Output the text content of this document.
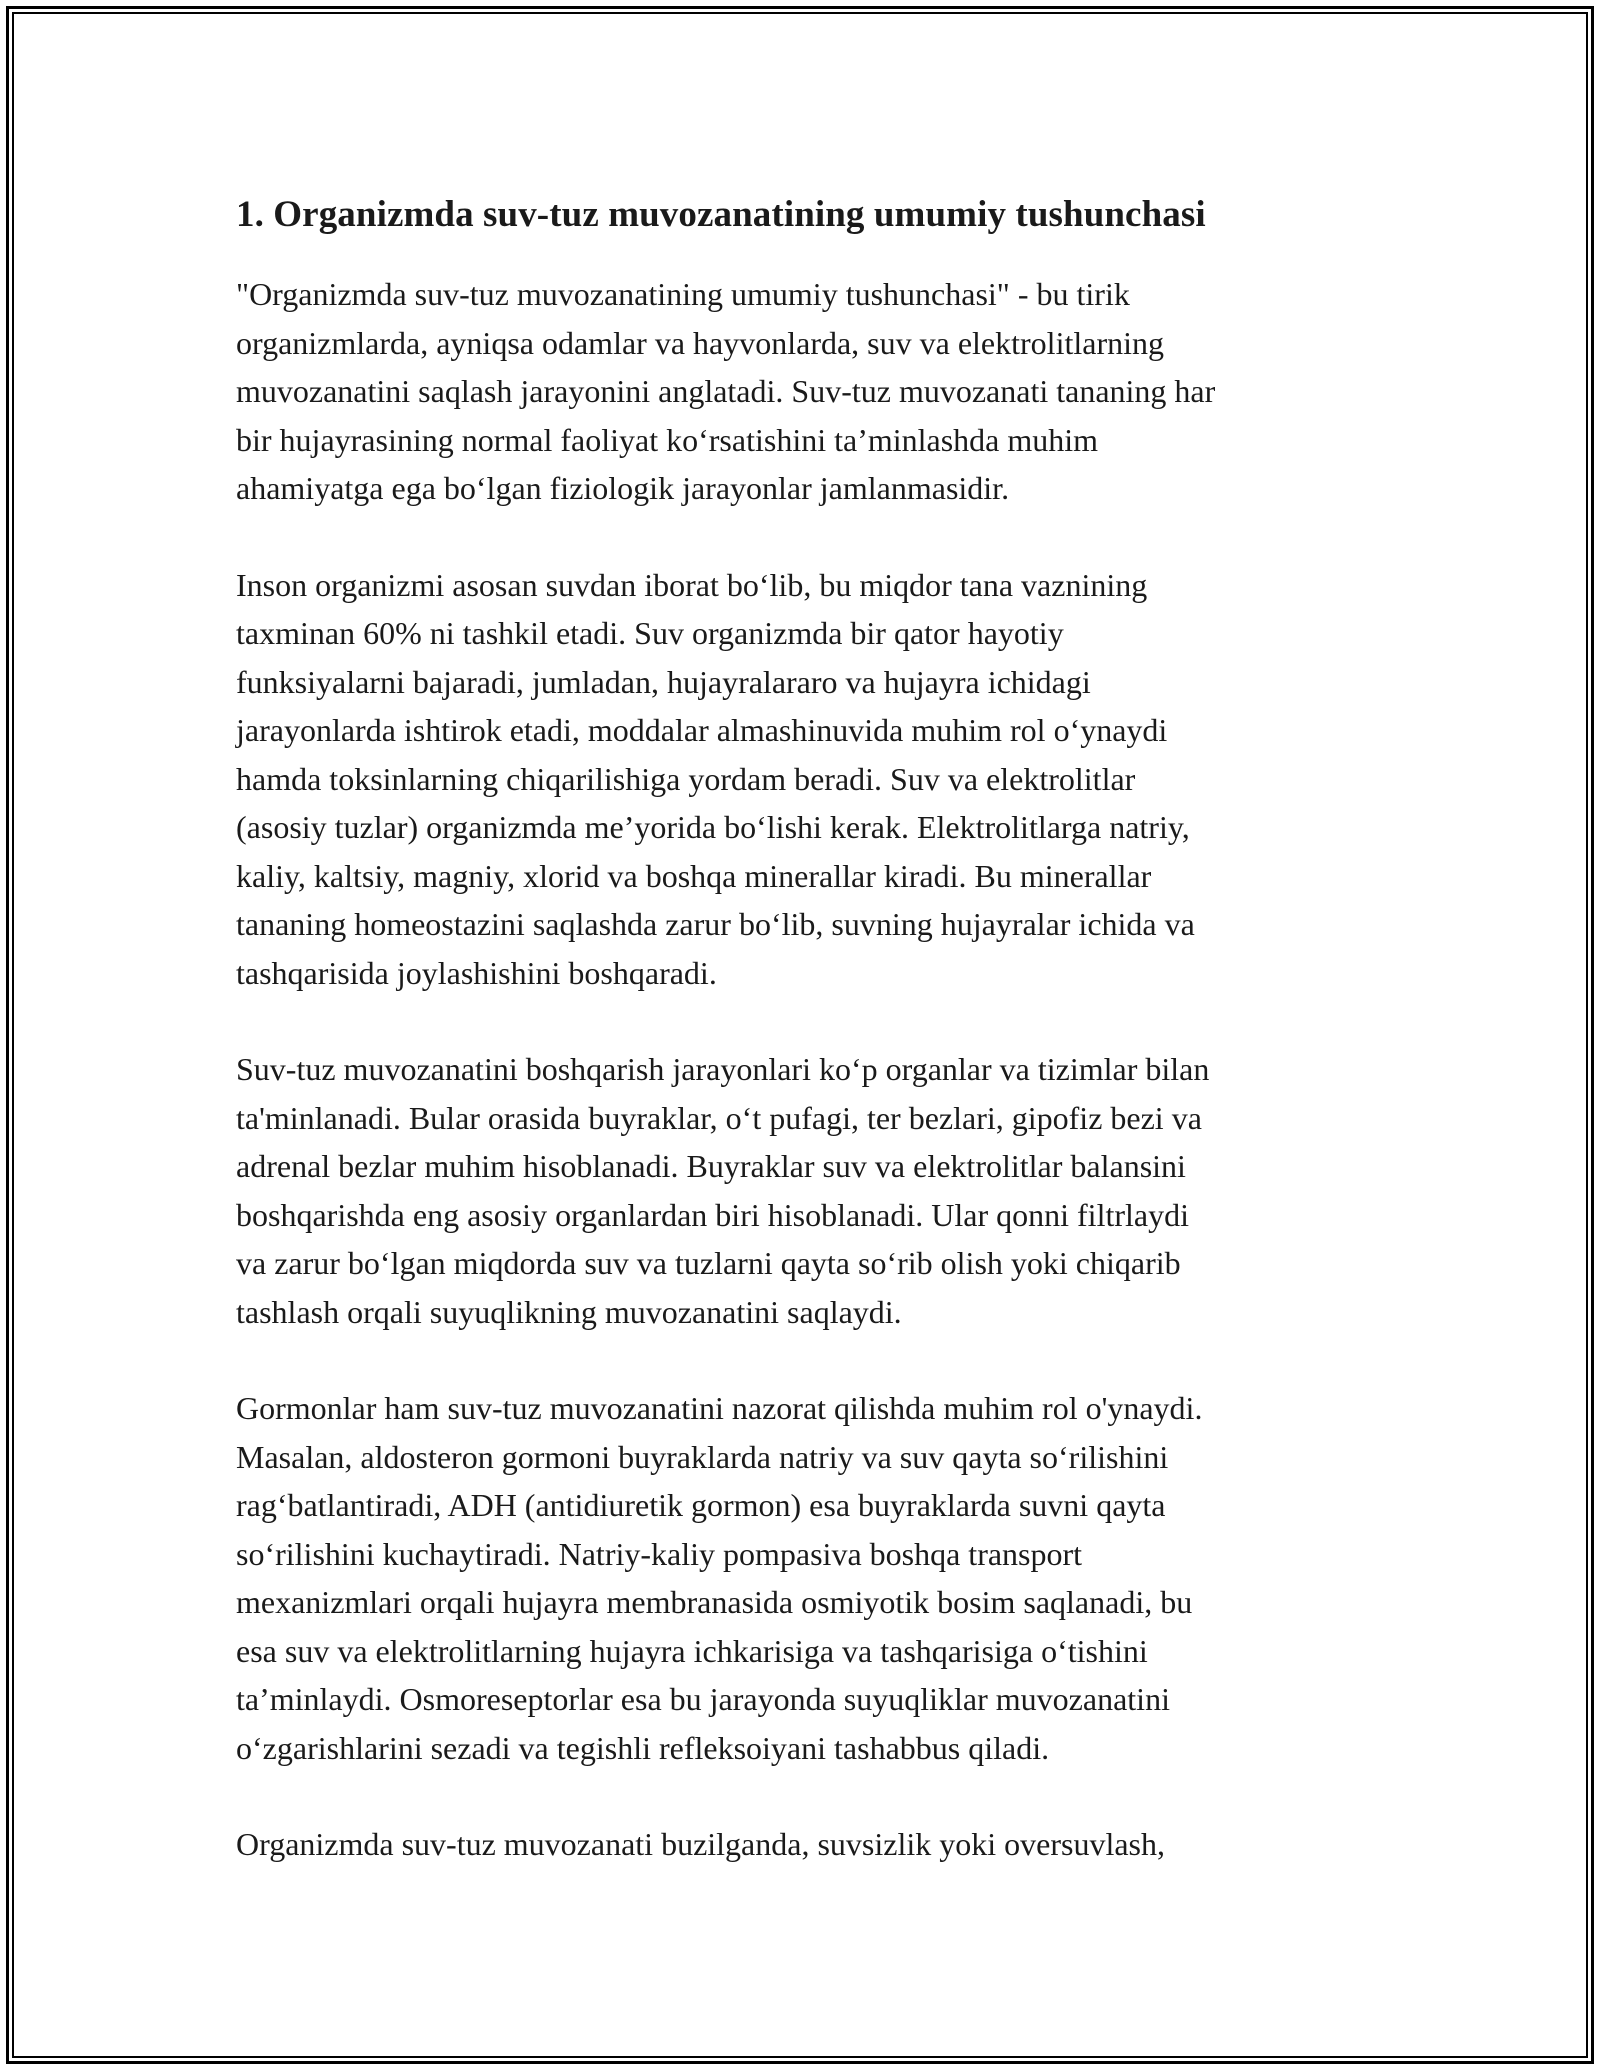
1. Organizmda suv-tuz muvozanatining umumiy tushunchasi

"Organizmda suv-tuz muvozanatining umumiy tushunchasi" - bu tirik
organizmlarda, ayniqsa odamlar va hayvonlarda, suv va elektrolitlarning
muvozanatini saqlash jarayonini anglatadi. Suv-tuz muvozanati tananing har
bir hujayrasining normal faoliyat ko‘rsatishini ta’minlashda muhim
ahamiyatga ega bo‘lgan fiziologik jarayonlar jamlanmasidir.

Inson organizmi asosan suvdan iborat bo‘lib, bu miqdor tana vaznining
taxminan 60% ni tashkil etadi. Suv organizmda bir qator hayotiy
funksiyalarni bajaradi, jumladan, hujayralararo va hujayra ichidagi
jarayonlarda ishtirok etadi, moddalar almashinuvida muhim rol o‘ynaydi
hamda toksinlarning chiqarilishiga yordam beradi. Suv va elektrolitlar
(asosiy tuzlar) organizmda me’yorida bo‘lishi kerak. Elektrolitlarga natriy,
kaliy, kaltsiy, magniy, xlorid va boshqa minerallar kiradi. Bu minerallar
tananing homeostazini saqlashda zarur bo‘lib, suvning hujayralar ichida va
tashqarisida joylashishini boshqaradi.

Suv-tuz muvozanatini boshqarish jarayonlari ko‘p organlar va tizimlar bilan
ta'minlanadi. Bular orasida buyraklar, o‘t pufagi, ter bezlari, gipofiz bezi va
adrenal bezlar muhim hisoblanadi. Buyraklar suv va elektrolitlar balansini
boshqarishda eng asosiy organlardan biri hisoblanadi. Ular qonni filtrlaydi
va zarur bo‘lgan miqdorda suv va tuzlarni qayta so‘rib olish yoki chiqarib
tashlash orqali suyuqlikning muvozanatini saqlaydi.

Gormonlar ham suv-tuz muvozanatini nazorat qilishda muhim rol o'ynaydi.
Masalan, aldosteron gormoni buyraklarda natriy va suv qayta so‘rilishini
rag‘batlantiradi, ADH (antidiuretik gormon) esa buyraklarda suvni qayta
so‘rilishini kuchaytiradi. Natriy-kaliy pompasiva boshqa transport
mexanizmlari orqali hujayra membranasida osmiyotik bosim saqlanadi, bu
esa suv va elektrolitlarning hujayra ichkarisiga va tashqarisiga o‘tishini
ta’minlaydi. Osmoreseptorlar esa bu jarayonda suyuqliklar muvozanatini
o‘zgarishlarini sezadi va tegishli refleksoiyani tashabbus qiladi.

Organizmda suv-tuz muvozanati buzilganda, suvsizlik yoki oversuvlash,
